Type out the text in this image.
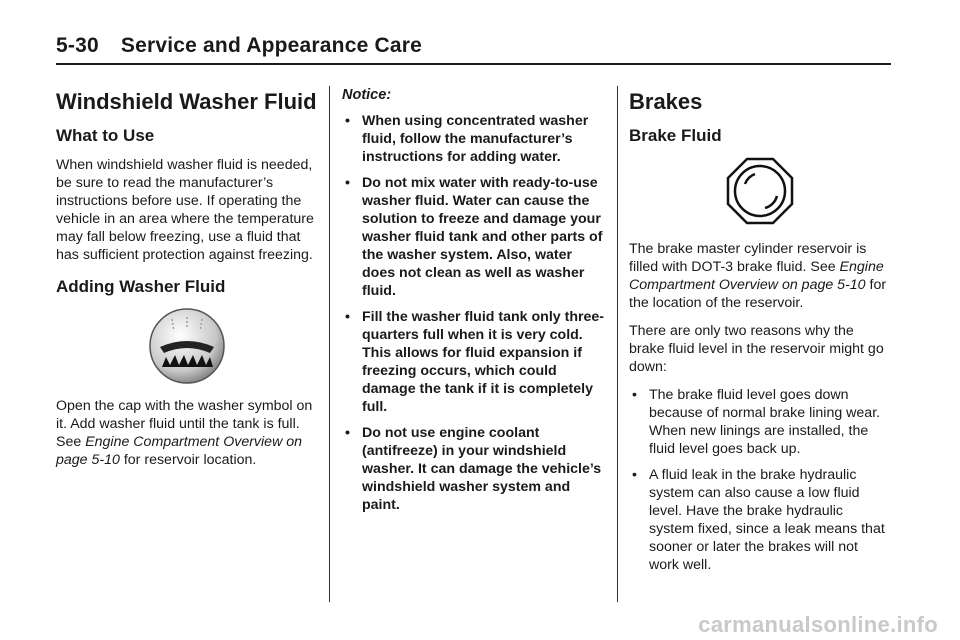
5-30 Service and Appearance Care
Windshield Washer Fluid
What to Use

When windshield washer fluid is needed, be sure to read the manufacturer’s instructions before use. If operating the vehicle in an area where the temperature may fall below freezing, use a fluid that has sufficient protection against freezing.

Adding Washer Fluid

Open the cap with the washer symbol on it. Add washer fluid until the tank is full. See Engine Compartment Overview on page 5-10 for reservoir location.

Notice:
• When using concentrated washer fluid, follow the manufacturer’s instructions for adding water.
• Do not mix water with ready-to-use washer fluid. Water can cause the solution to freeze and damage your washer fluid tank and other parts of the washer system. Also, water does not clean as well as washer fluid.
• Fill the washer fluid tank only three-quarters full when it is very cold. This allows for fluid expansion if freezing occurs, which could damage the tank if it is completely full.
• Do not use engine coolant (antifreeze) in your windshield washer. It can damage the vehicle’s windshield washer system and paint.
Brakes
Brake Fluid

The brake master cylinder reservoir is filled with DOT-3 brake fluid. See Engine Compartment Overview on page 5-10 for the location of the reservoir.

There are only two reasons why the brake fluid level in the reservoir might go down:

• The brake fluid level goes down because of normal brake lining wear. When new linings are installed, the fluid level goes back up.
• A fluid leak in the brake hydraulic system can also cause a low fluid level. Have the brake hydraulic system fixed, since a leak means that sooner or later the brakes will not work well.
carmanualsonline.info
